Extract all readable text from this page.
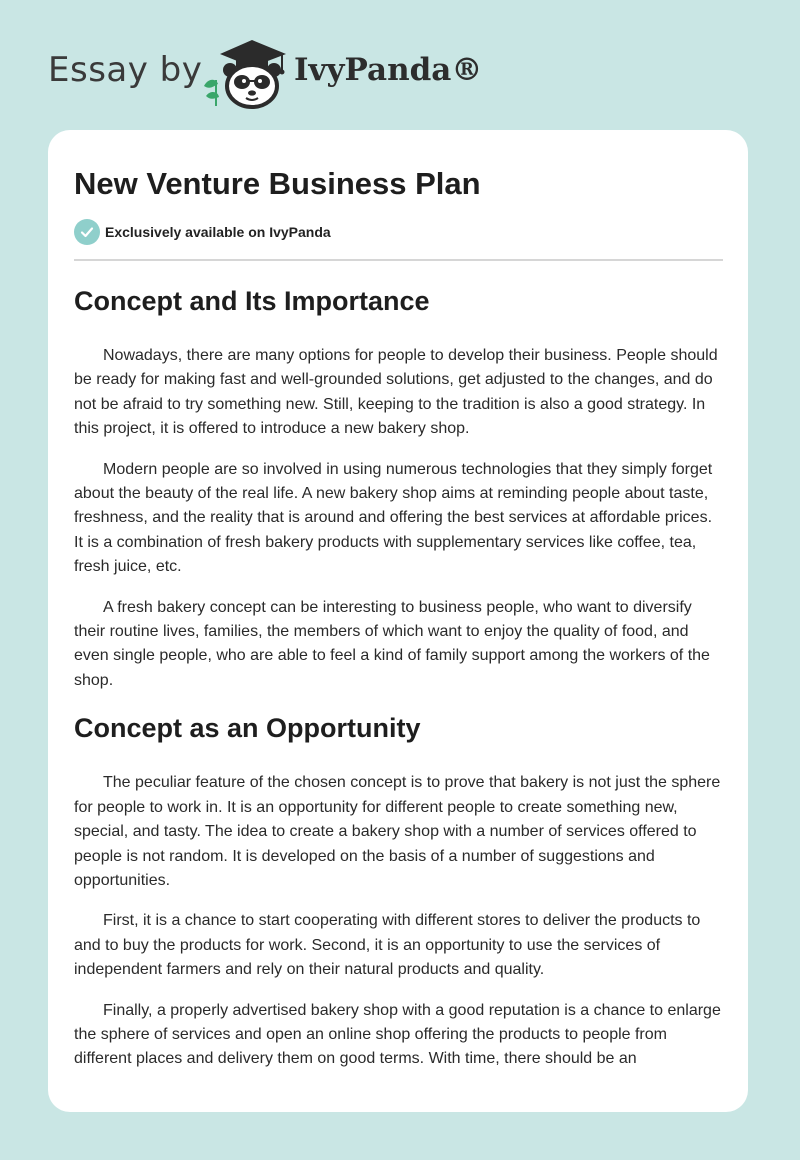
Essay by	IvyPanda®
New Venture Business Plan
Exclusively available on IvyPanda
Concept and Its Importance

Nowadays, there are many options for people to develop their business. People should be ready for making fast and well-grounded solutions, get adjusted to the changes, and do not be afraid to try something new. Still, keeping to the tradition is also a good strategy. In this project, it is offered to introduce a new bakery shop.

Modern people are so involved in using numerous technologies that they simply forget about the beauty of the real life. A new bakery shop aims at reminding people about taste, freshness, and the reality that is around and offering the best services at affordable prices. It is a combination of fresh bakery products with supplementary services like coffee, tea, fresh juice, etc.

A fresh bakery concept can be interesting to business people, who want to diversify their routine lives, families, the members of which want to enjoy the quality of food, and even single people, who are able to feel a kind of family support among the workers of the shop.

Concept as an Opportunity

The peculiar feature of the chosen concept is to prove that bakery is not just the sphere for people to work in. It is an opportunity for different people to create something new, special, and tasty. The idea to create a bakery shop with a number of services offered to people is not random. It is developed on the basis of a number of suggestions and opportunities.

First, it is a chance to start cooperating with different stores to deliver the products to and to buy the products for work. Second, it is an opportunity to use the services of independent farmers and rely on their natural products and quality.

Finally, a properly advertised bakery shop with a good reputation is a chance to enlarge the sphere of services and open an online shop offering the products to people from different places and delivery them on good terms. With time, there should be an
